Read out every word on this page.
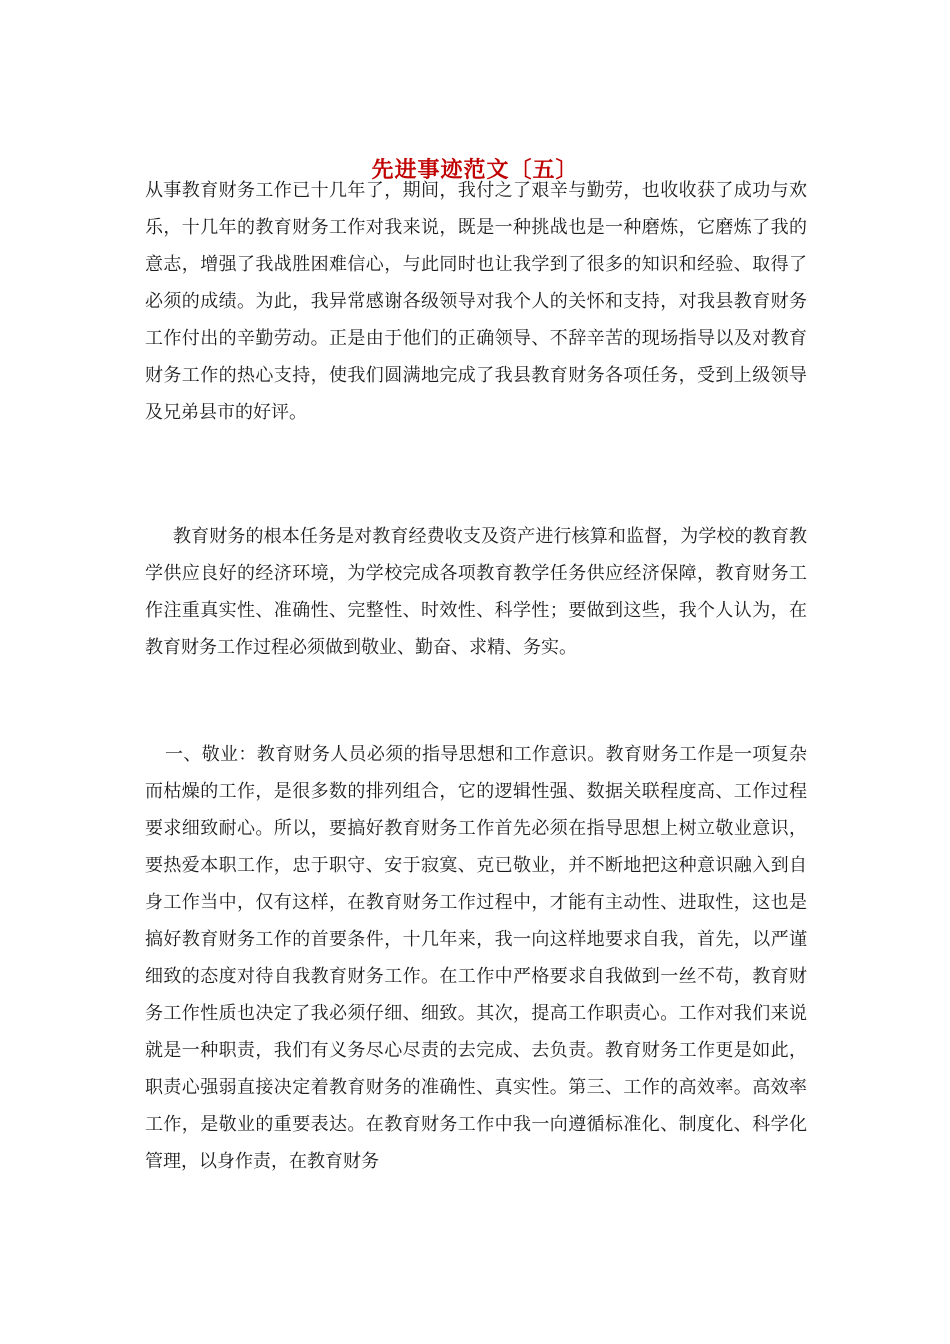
先进事迹范文〔五〕

从事教育财务工作已十几年了，期间，我付之了艰辛与勤劳，也收收获了成功与欢乐，十几年的教育财务工作对我来说，既是一种挑战也是一种磨炼，它磨炼了我的意志，增强了我战胜困难信心，与此同时也让我学到了很多的知识和经验、取得了必须的成绩。为此，我异常感谢各级领导对我个人的关怀和支持，对我县教育财务工作付出的辛勤劳动。正是由于他们的正确领导、不辞辛苦的现场指导以及对教育财务工作的热心支持，使我们圆满地完成了我县教育财务各项任务，受到上级领导及兄弟县市的好评。

教育财务的根本任务是对教育经费收支及资产进行核算和监督，为学校的教育教学供应良好的经济环境，为学校完成各项教育教学任务供应经济保障，教育财务工作注重真实性、准确性、完整性、时效性、科学性；要做到这些，我个人认为，在教育财务工作过程必须做到敬业、勤奋、求精、务实。

一、敬业：教育财务人员必须的指导思想和工作意识。教育财务工作是一项复杂而枯燥的工作，是很多数的排列组合，它的逻辑性强、数据关联程度高、工作过程要求细致耐心。所以，要搞好教育财务工作首先必须在指导思想上树立敬业意识，要热爱本职工作，忠于职守、安于寂寞、克已敬业，并不断地把这种意识融入到自身工作当中，仅有这样，在教育财务工作过程中，才能有主动性、进取性，这也是搞好教育财务工作的首要条件，十几年来，我一向这样地要求自我，首先，以严谨细致的态度对待自我教育财务工作。在工作中严格要求自我做到一丝不苟，教育财务工作性质也决定了我必须仔细、细致。其次，提高工作职责心。工作对我们来说就是一种职责，我们有义务尽心尽责的去完成、去负责。教育财务工作更是如此，职责心强弱直接决定着教育财务的准确性、真实性。第三、工作的高效率。高效率工作，是敬业的重要表达。在教育财务工作中我一向遵循标准化、制度化、科学化管理，以身作责，在教育财务
